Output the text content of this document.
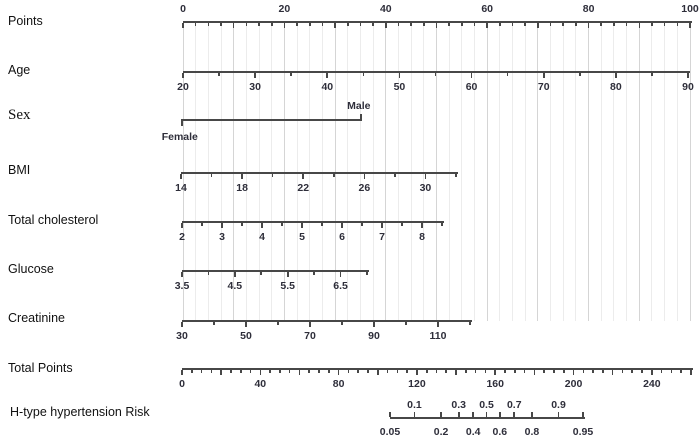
Points
Age
Sex
BMI
Total cholesterol
Glucose
Creatinine
Total Points
H-type hypertension Risk
0	20	40	60	80	100
20	30	40	50	60	70	80	90
Female
Male
14	18	22	26	30
2	3	4	5	6	7	8
3.5	4.5	5.5	6.5
30	50	70	90	110
0	40	80	120	160	200	240
0.05
0.1
0.2
0.3
0.4
0.5
0.6
0.7
0.8
0.9
0.95
